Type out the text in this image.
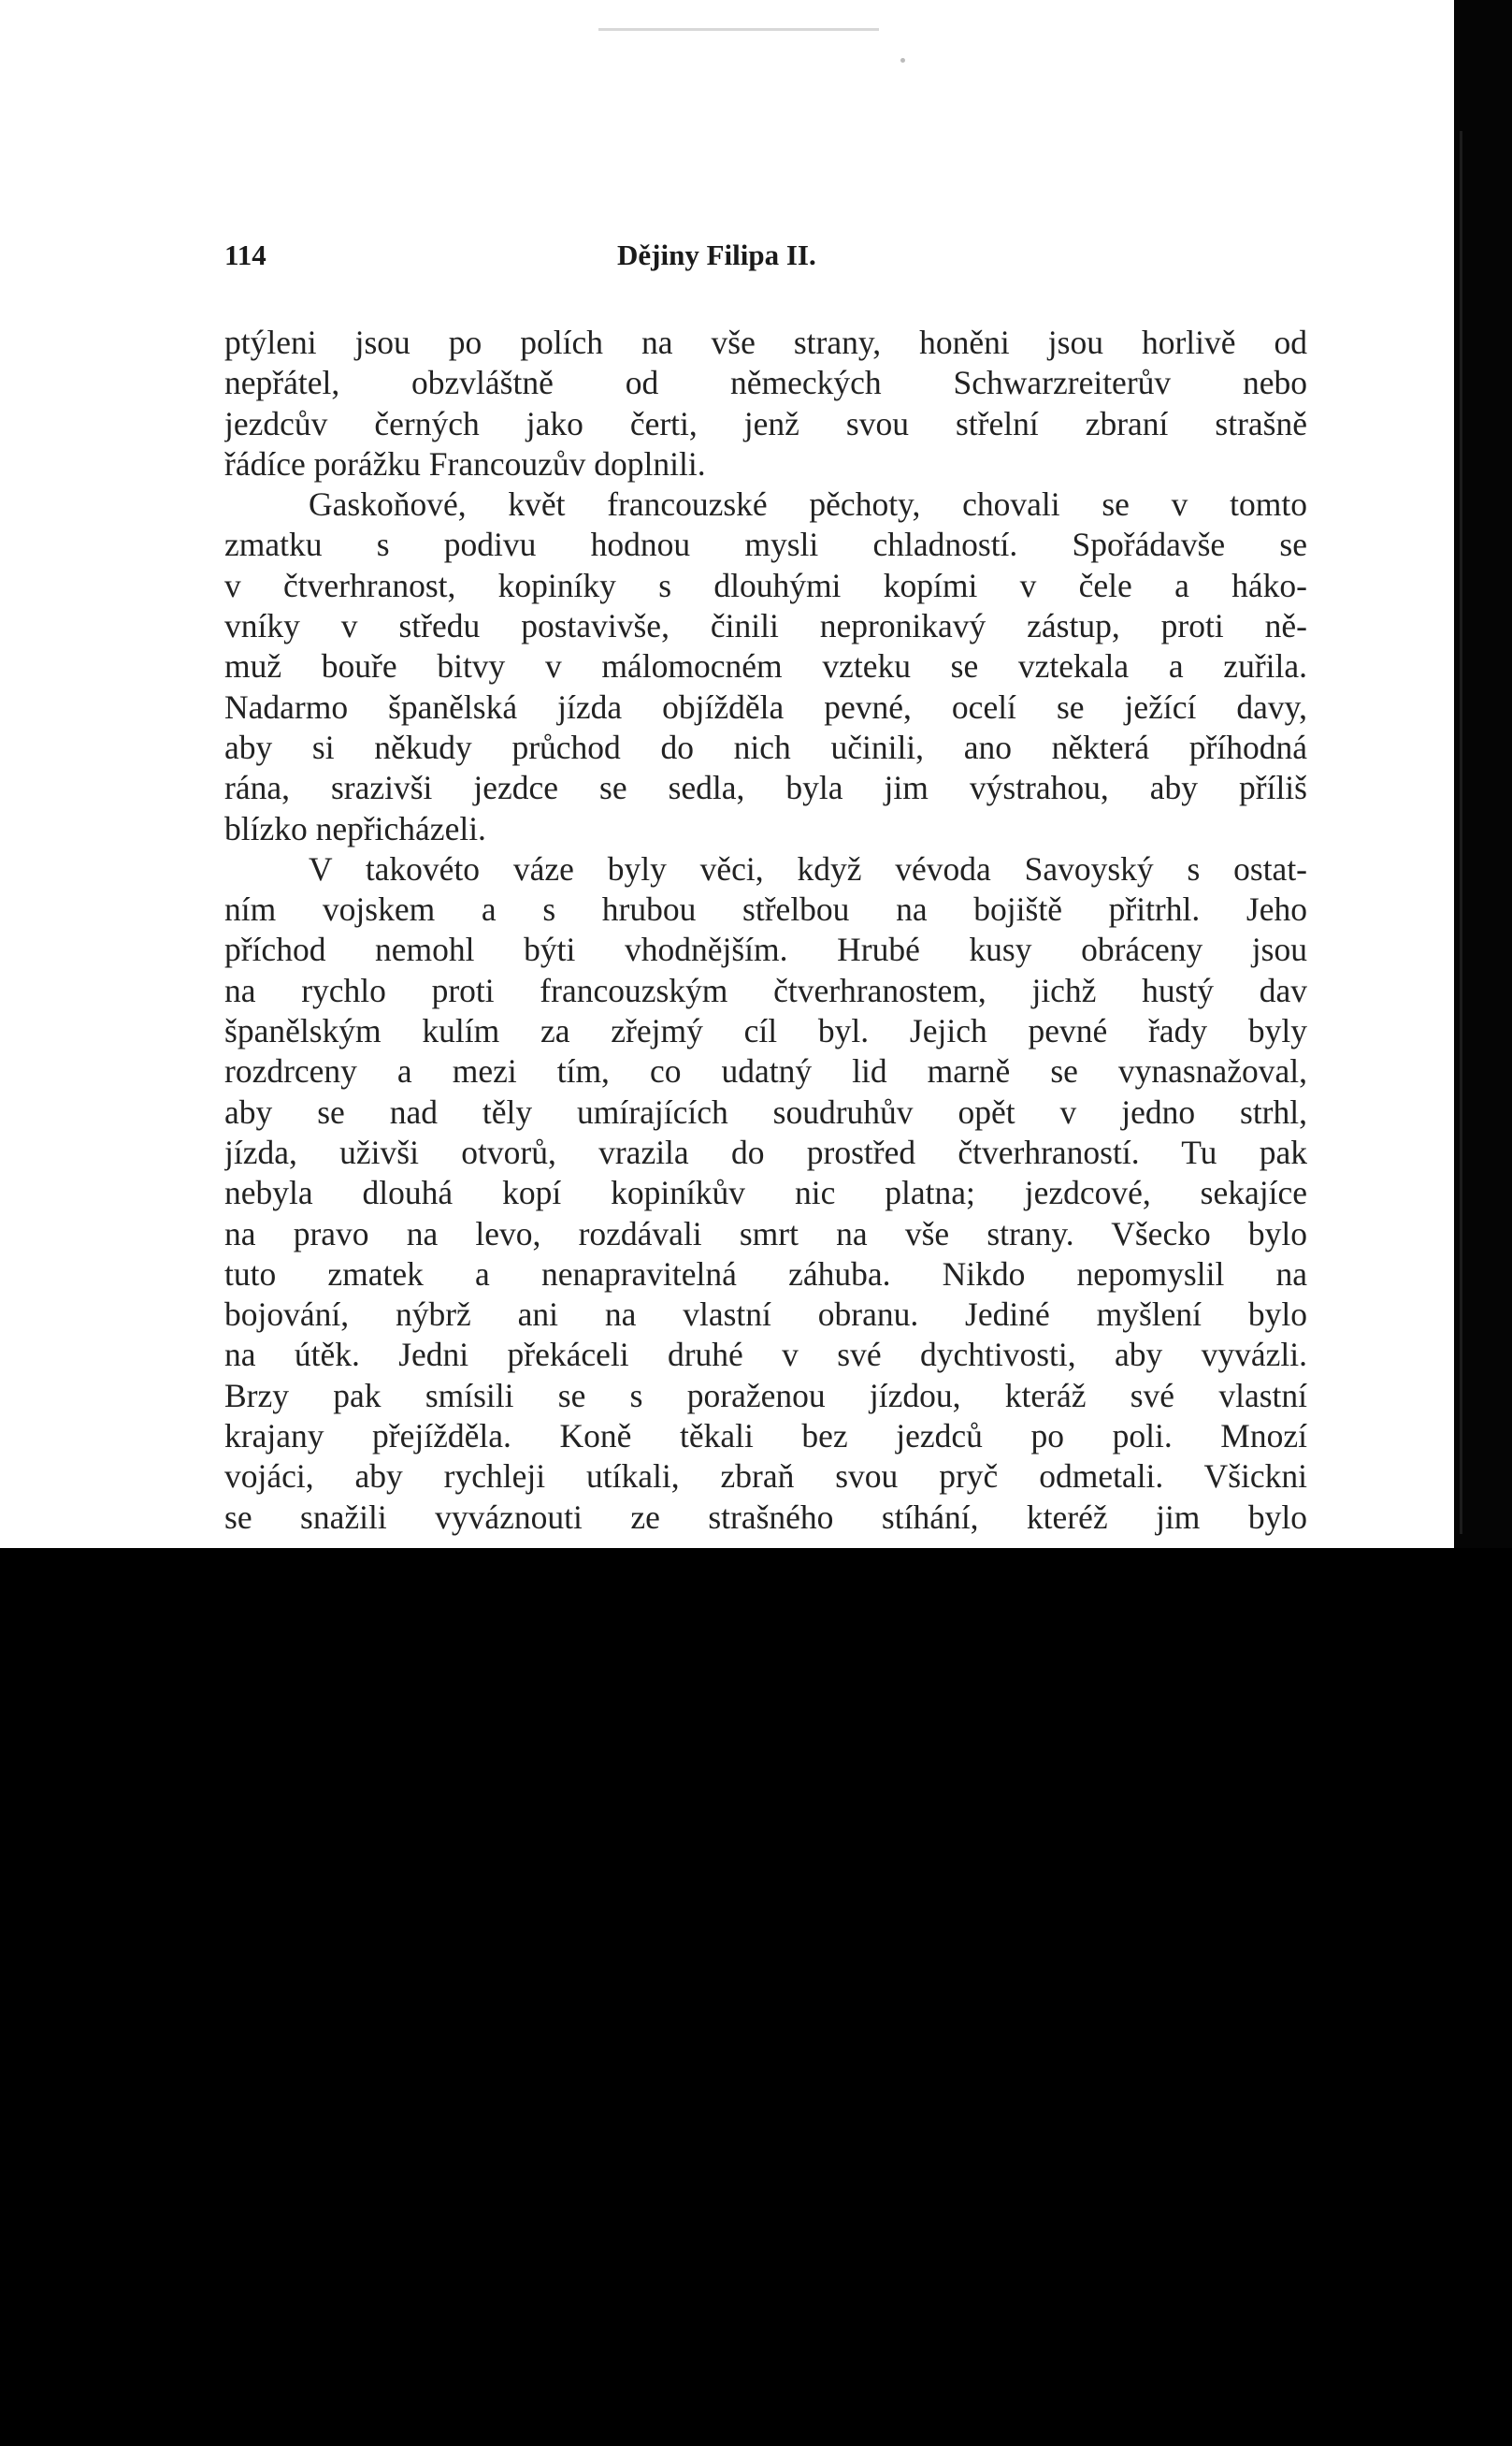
114	Dějiny Filipa II.
ptýleni jsou po polích na vše strany, honěni jsou horlivě od
nepřátel, obzvláštně od německých Schwarzreiterův nebo
jezdcův černých jako čerti, jenž svou střelní zbraní strašně
řádíce porážku Francouzův doplnili.
Gaskoňové, květ francouzské pěchoty, chovali se v tomto
zmatku s podivu hodnou mysli chladností. Spořádavše se
v čtverhranost, kopiníky s dlouhými kopími v čele a háko-
vníky v středu postavivše, činili nepronikavý zástup, proti ně-
muž bouře bitvy v málomocném vzteku se vztekala a zuřila.
Nadarmo španělská jízda objížděla pevné, ocelí se ježící davy,
aby si někudy průchod do nich učinili, ano některá příhodná
rána, srazivši jezdce se sedla, byla jim výstrahou, aby příliš
blízko nepřicházeli.
V takovéto váze byly věci, když vévoda Savoyský s ostat-
ním vojskem a s hrubou střelbou na bojiště přitrhl. Jeho
příchod nemohl býti vhodnějším. Hrubé kusy obráceny jsou
na rychlo proti francouzským čtverhranostem, jichž hustý dav
španělským kulím za zřejmý cíl byl. Jejich pevné řady byly
rozdrceny a mezi tím, co udatný lid marně se vynasnažoval,
aby se nad těly umírajících soudruhův opět v jedno strhl,
jízda, uživši otvorů, vrazila do prostřed čtverhraností. Tu pak
nebyla dlouhá kopí kopiníkův nic platna; jezdcové, sekajíce
na pravo na levo, rozdávali smrt na vše strany. Všecko bylo
tuto zmatek a nenapravitelná záhuba. Nikdo nepomyslil na
bojování, nýbrž ani na vlastní obranu. Jediné myšlení bylo
na útěk. Jedni překáceli druhé v své dychtivosti, aby vyvázli.
Brzy pak smísili se s poraženou jízdou, kteráž své vlastní
krajany přejížděla. Koně těkali bez jezdců po poli. Mnozí
vojáci, aby rychleji utíkali, zbraň svou pryč odmetali. Všickni
se snažili vyváznouti ze strašného stíhání, kteréž jim bylo
